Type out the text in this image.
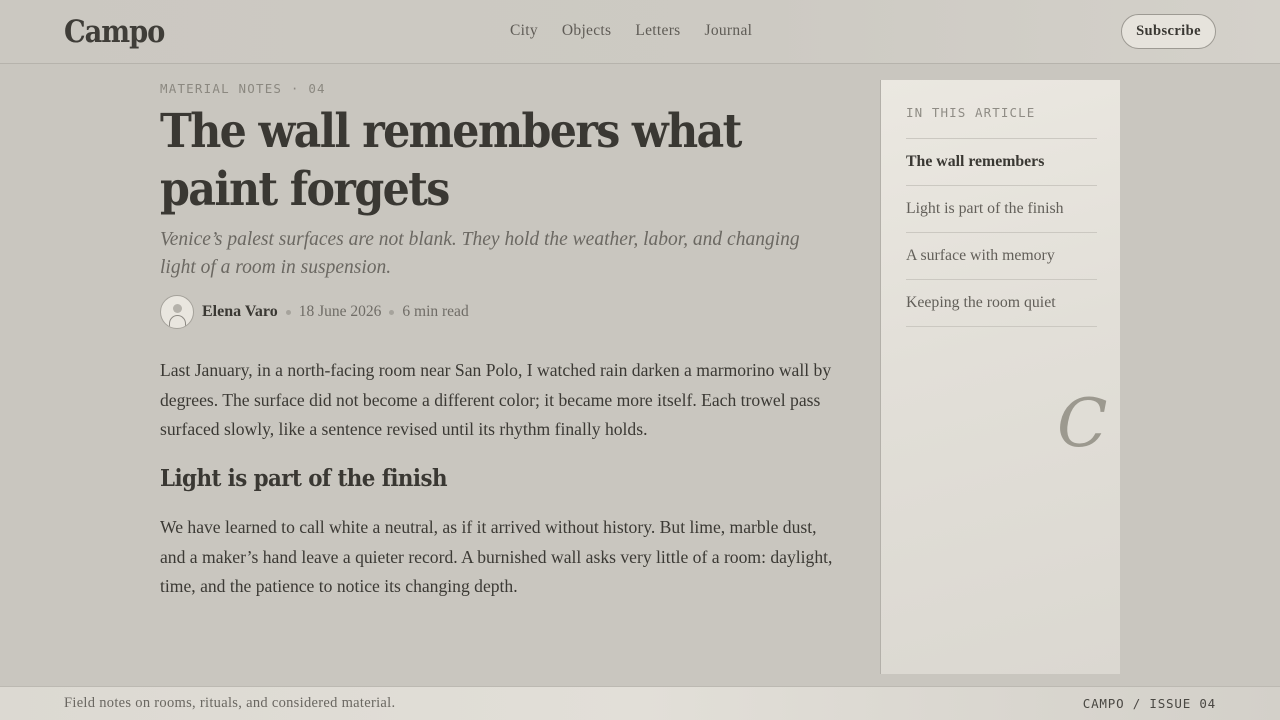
Campo	City Objects Letters Journal	Subscribe
MATERIAL NOTES · 04
The wall remembers what paint forgets

Venice’s palest surfaces are not blank. They hold the weather, labor, and changing light of a room in suspension.

Elena Varo 18 June 2026 6 min read

Last January, in a north-facing room near San Polo, I watched rain darken a marmorino wall by degrees. The surface did not become a different color; it became more itself. Each trowel pass surfaced slowly, like a sentence revised until its rhythm finally holds.

Light is part of the finish

We have learned to call white a neutral, as if it arrived without history. But lime, marble dust, and a maker’s hand leave a quieter record. A burnished wall asks very little of a room: daylight, time, and the patience to notice its changing depth.

IN THIS ARTICLE
The wall remembers
Light is part of the finish
A surface with memory
Keeping the room quiet
C
Field notes on rooms, rituals, and considered material.	CAMPO / ISSUE 04
